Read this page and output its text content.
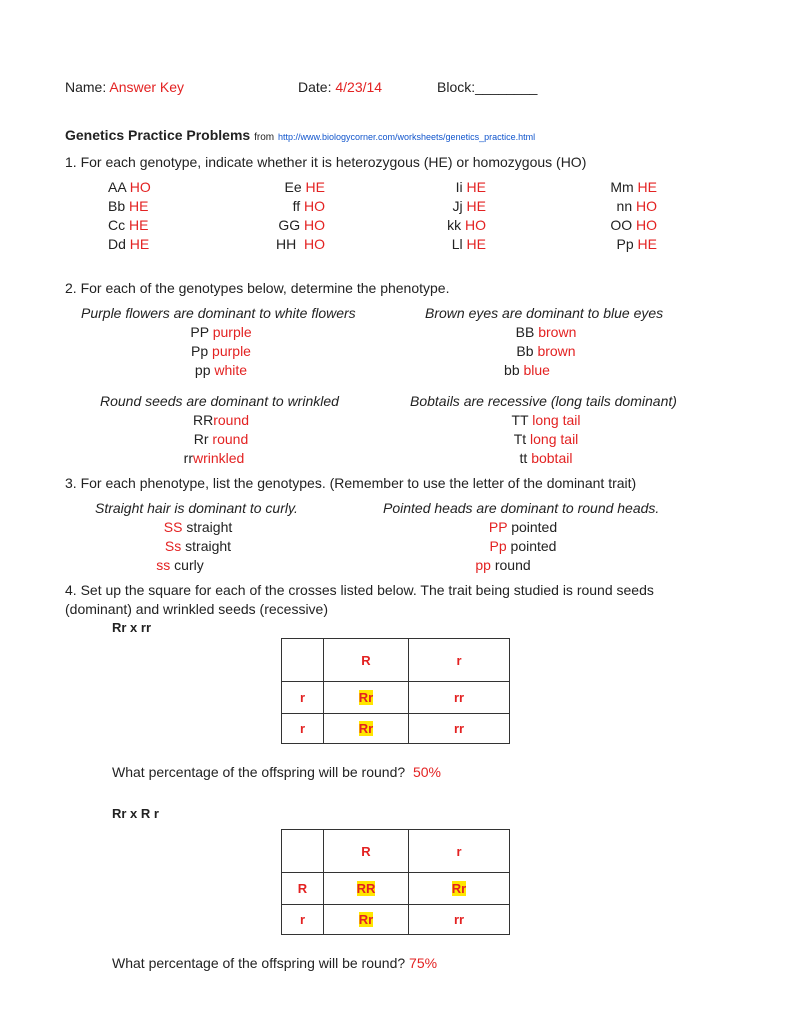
Name: Answer Key	Date: 4/23/14	Block:________
Genetics Practice Problems from http://www.biologycorner.com/worksheets/genetics_practice.html
1. For each genotype, indicate whether it is heterozygous (HE) or homozygous (HO)
AA HO
Bb HE
Cc HE
Dd HE
Ee HE
ff HO
GG HO
HH HO
Ii HE
Jj HE
kk HO
Ll HE
Mm HE
nn HO
OO HO
Pp HE
2. For each of the genotypes below, determine the phenotype.
Purple flowers are dominant to white flowers
PP purple
Pp purple
pp white
Brown eyes are dominant to blue eyes
BB brown
Bb brown
bb blue
Round seeds are dominant to wrinkled
RRround
Rr round
rrwrinkled
Bobtails are recessive (long tails dominant)
TT long tail
Tt long tail
tt bobtail
3. For each phenotype, list the genotypes. (Remember to use the letter of the dominant trait)
Straight hair is dominant to curly.
SS straight
Ss straight
ss curly
Pointed heads are dominant to round heads.
PP pointed
Pp pointed
pp round
4. Set up the square for each of the crosses listed below. The trait being studied is round seeds
(dominant) and wrinkled seeds (recessive)
Rr x rr
	R	r
r	Rr	rr
r	Rr	rr
What percentage of the offspring will be round? 50%
Rr x R r
	R	r
R	RR	Rr
r	Rr	rr
What percentage of the offspring will be round? 75%
